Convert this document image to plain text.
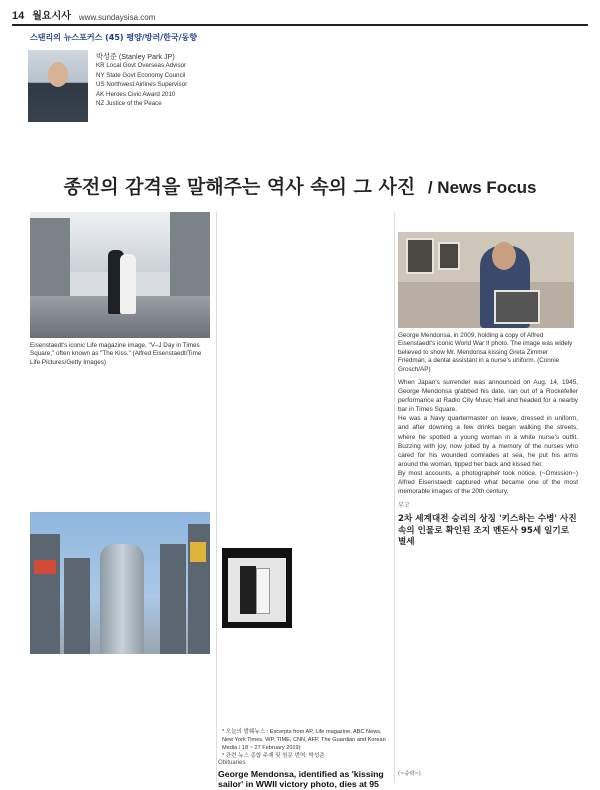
14 월요시사 www.sundaysisa.com
스탠리의 뉴스포커스 (45) 평양/방러/한국/동향
박성준 (Stanley Park JP)
KR Local Govt Overseas Advisor
NY State Govt Economy Council
US Northwest Airlines Supervisor
AK Heroes Civic Award 2010
NZ Justice of the Peace
종전의 감격을 말해주는 역사 속의 그 사진 / News Focus
Eisenstaedt's iconic Life magazine image, "V–J Day in Times Square," often known as "The Kiss." (Alfred Eisenstaedt/Time Life Pictures/Getty Images)
* 오늘의 발췌뉴스 : Excerpts from AP, Life magazine, ABC News, New York Times, WP, TIME, CNN, AFP, The Guardian and Korean Media / 18 ~ 27 February 2019)
* 관련 뉴스 종합 주재 및 원문 번역: 박성준
Obituaries
George Mendonsa, identified as 'kissing sailor' in WWII victory photo, dies at 95
George Mendonsa, in 2009, holding a copy of Alfred Eisenstaedt's iconic World War II photo. The image was widely believed to show Mr. Mendonsa kissing Greta Zimmer Friedman, a dental assistant in a nurse's uniform. (Connie Grosch/AP)
When Japan's surrender was announced on Aug. 14, 1945, George Mendonsa grabbed his date, ran out of a Rockefeller performance at Radio City Music Hall and headed for a nearby bar in Times Square.
He was a Navy quartermaster on leave, dressed in uniform, and after downing a few drinks began walking the streets, where he spotted a young woman in a white nurse's outfit. Buzzing with joy, now jolted by a memory of the nurses who cared for his wounded comrades at sea, he put his arms around the woman, tipped her back and kissed her.
By most accounts, a photographer took notice. (~Omission~) Alfred Eisenstaedt captured what became one of the most memorable images of the 20th century.
부고
2차 세계대전 승리의 상징 '키스하는 수병' 사진 속의 인물로 확인된 조지 멘돈사 95세 일기로 별세
(~중략~)
